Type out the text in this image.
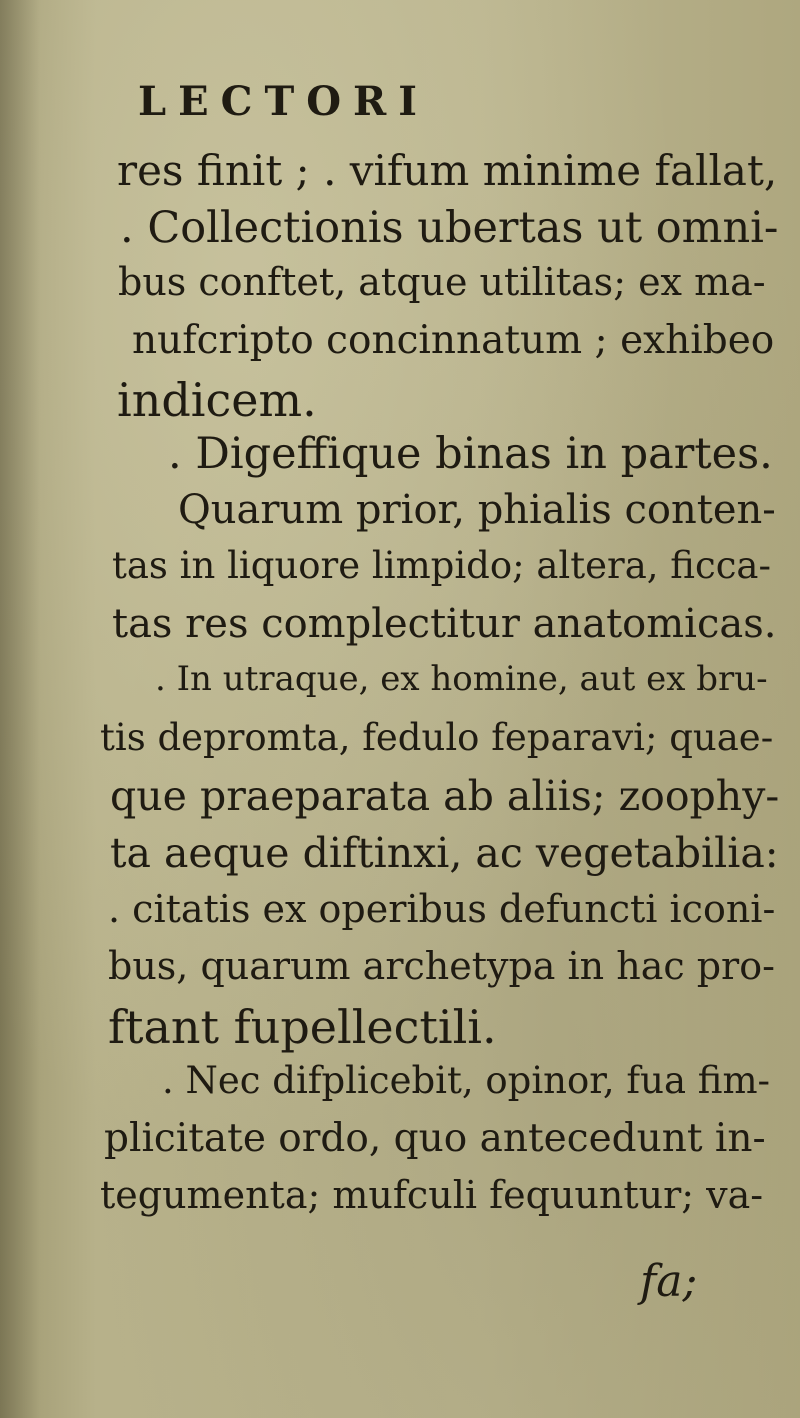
LECTORI
res finit ; . vifum minime fallat,
. Collectionis ubertas ut omni-
bus conftet, atque utilitas; ex ma-
nufcripto concinnatum ; exhibeo
indicem.
. Digeffique binas in partes.
Quarum prior, phialis conten-
tas in liquore limpido; altera, ficca-
tas res complectitur anatomicas.
. In utraque, ex homine, aut ex bru-
tis depromta, fedulo feparavi; quae-
que praeparata ab aliis; zoophy-
ta aeque diftinxi, ac vegetabilia:
. citatis ex operibus defuncti iconi-
bus, quarum archetypa in hac pro-
ftant fupellectili.
. Nec difplicebit, opinor, fua fim-
plicitate ordo, quo antecedunt in-
tegumenta; mufculi fequuntur; va-
fa;
